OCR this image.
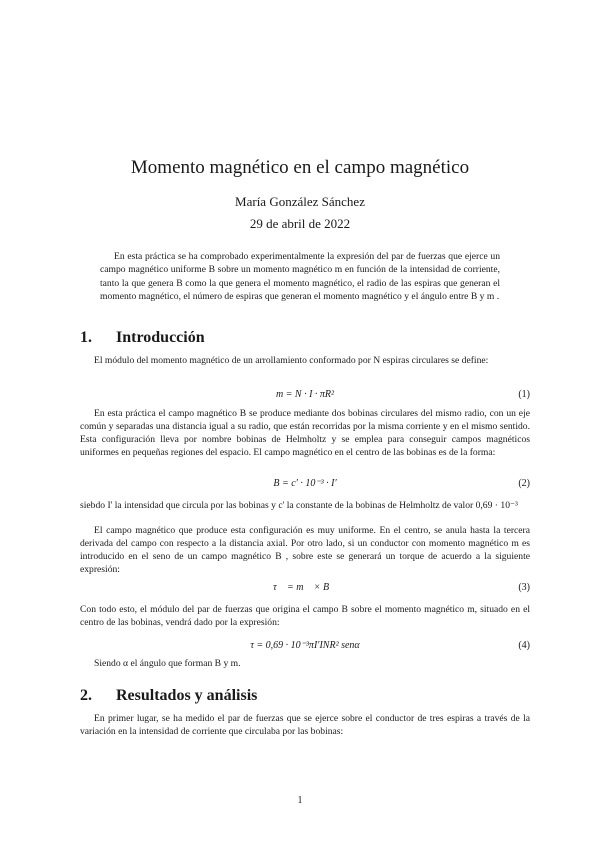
Momento magnético en el campo magnético
María González Sánchez
29 de abril de 2022
En esta práctica se ha comprobado experimentalmente la expresión del par de fuerzas que ejerce un campo magnético uniforme B sobre un momento magnético m en función de la intensidad de corriente, tanto la que genera B como la que genera el momento magnético, el radio de las espiras que generan el momento magnético, el número de espiras que generan el momento magnético y el ángulo entre B y m .
1. Introducción
El módulo del momento magnético de un arrollamiento conformado por N espiras circulares se define:
m = N · I · πR²	(1)
En esta práctica el campo magnético B se produce mediante dos bobinas circulares del mismo radio, con un eje común y separadas una distancia igual a su radio, que están recorridas por la misma corriente y en el mismo sentido. Esta configuración lleva por nombre bobinas de Helmholtz y se emplea para conseguir campos magnéticos uniformes en pequeñas regiones del espacio. El campo magnético en el centro de las bobinas es de la forma:
B = c′ · 10⁻³ · I′	(2)
siebdo I' la intensidad que circula por las bobinas y c' la constante de la bobinas de Helmholtz de valor 0,69 · 10⁻³
El campo magnético que produce esta configuración es muy uniforme. En el centro, se anula hasta la tercera derivada del campo con respecto a la distancia axial. Por otro lado, si un conductor con momento magnético m es introducido en el seno de un campo magnético B , sobre este se generará un torque de acuerdo a la siguiente expresión:
τ⃗ = m⃗ × B⃗	(3)
Con todo esto, el módulo del par de fuerzas que origina el campo B sobre el momento magnético m, situado en el centro de las bobinas, vendrá dado por la expresión:
τ = 0,69 · 10⁻³πI′INR² senα	(4)
Siendo α el ángulo que forman B y m.
2. Resultados y análisis
En primer lugar, se ha medido el par de fuerzas que se ejerce sobre el conductor de tres espiras a través de la variación en la intensidad de corriente que circulaba por las bobinas:
1
